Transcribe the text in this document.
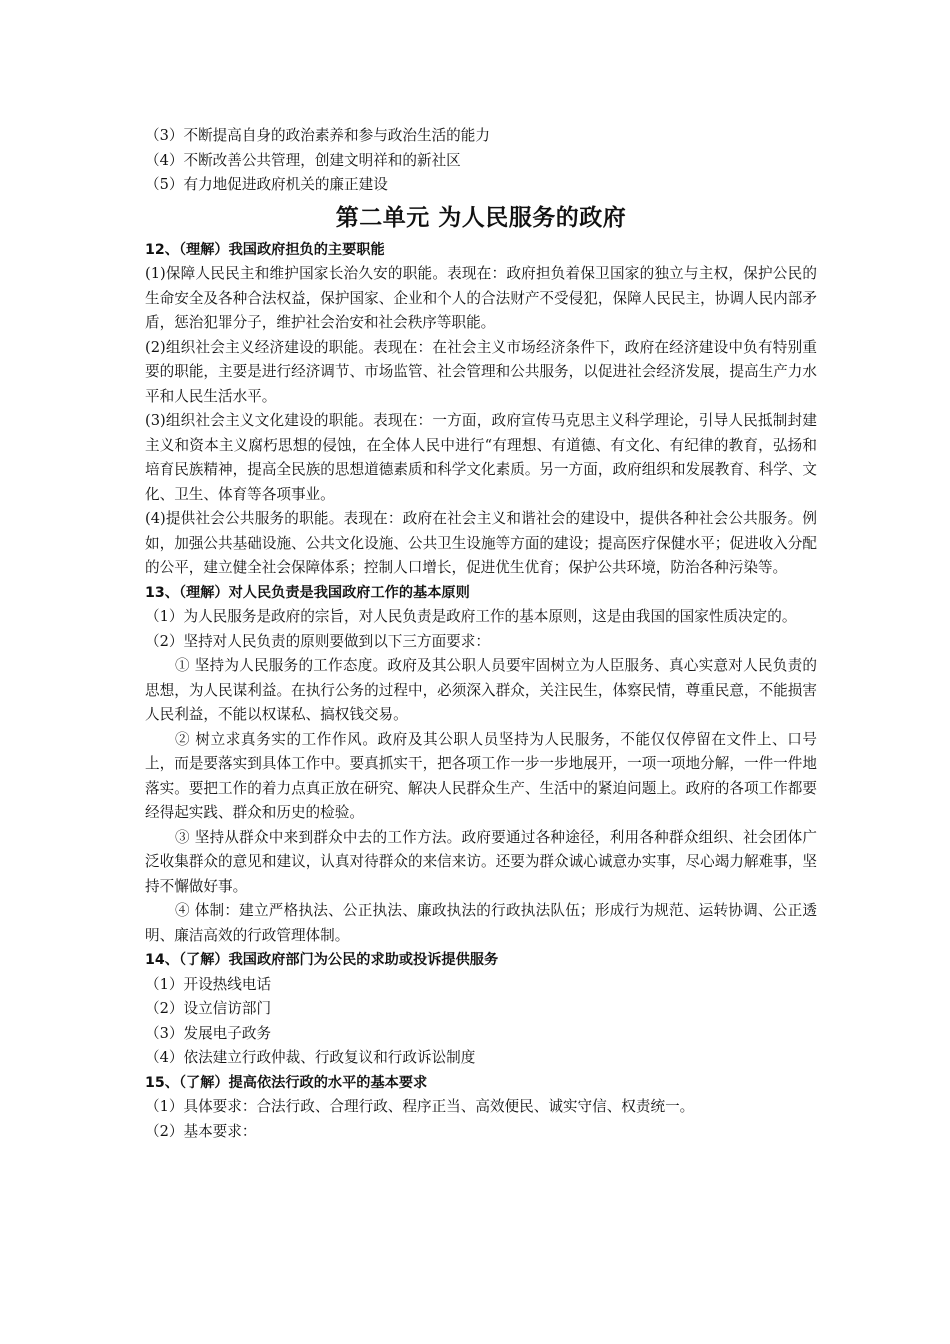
（3）不断提高自身的政治素养和参与政治生活的能力
（4）不断改善公共管理，创建文明祥和的新社区
（5）有力地促进政府机关的廉正建设
第二单元 为人民服务的政府
12、（理解）我国政府担负的主要职能
(1)保障人民民主和维护国家长治久安的职能。表现在：政府担负着保卫国家的独立与主权，保护公民的生命安全及各种合法权益，保护国家、企业和个人的合法财产不受侵犯，保障人民民主，协调人民内部矛盾，惩治犯罪分子，维护社会治安和社会秩序等职能。
(2)组织社会主义经济建设的职能。表现在：在社会主义市场经济条件下，政府在经济建设中负有特别重要的职能，主要是进行经济调节、市场监管、社会管理和公共服务，以促进社会经济发展，提高生产力水平和人民生活水平。
(3)组织社会主义文化建设的职能。表现在：一方面，政府宣传马克思主义科学理论，引导人民抵制封建主义和资本主义腐朽思想的侵蚀，在全体人民中进行“有理想、有道德、有文化、有纪律的教育，弘扬和培育民族精神，提高全民族的思想道德素质和科学文化素质。另一方面，政府组织和发展教育、科学、文化、卫生、体育等各项事业。
(4)提供社会公共服务的职能。表现在：政府在社会主义和谐社会的建设中，提供各种社会公共服务。例如，加强公共基础设施、公共文化设施、公共卫生设施等方面的建设；提高医疗保健水平；促进收入分配的公平，建立健全社会保障体系；控制人口增长，促进优生优育；保护公共环境，防治各种污染等。
13、（理解）对人民负责是我国政府工作的基本原则
（1）为人民服务是政府的宗旨，对人民负责是政府工作的基本原则，这是由我国的国家性质决定的。
（2）坚持对人民负责的原则要做到以下三方面要求：
① 坚持为人民服务的工作态度。政府及其公职人员要牢固树立为人臣服务、真心实意对人民负责的思想，为人民谋利益。在执行公务的过程中，必须深入群众，关注民生，体察民情，尊重民意，不能损害人民利益，不能以权谋私、搞权钱交易。
② 树立求真务实的工作作风。政府及其公职人员坚持为人民服务，不能仅仅停留在文件上、口号上，而是要落实到具体工作中。要真抓实干，把各项工作一步一步地展开，一项一项地分解，一件一件地落实。要把工作的着力点真正放在研究、解决人民群众生产、生活中的紧迫问题上。政府的各项工作都要经得起实践、群众和历史的检验。
③ 坚持从群众中来到群众中去的工作方法。政府要通过各种途径，利用各种群众组织、社会团体广泛收集群众的意见和建议，认真对待群众的来信来访。还要为群众诚心诚意办实事，尽心竭力解难事，坚持不懈做好事。
④ 体制：建立严格执法、公正执法、廉政执法的行政执法队伍；形成行为规范、运转协调、公正透明、廉洁高效的行政管理体制。
14、（了解）我国政府部门为公民的求助或投诉提供服务
（1）开设热线电话
（2）设立信访部门
（3）发展电子政务
（4）依法建立行政仲裁、行政复议和行政诉讼制度
15、（了解）提高依法行政的水平的基本要求
（1）具体要求：合法行政、合理行政、程序正当、高效便民、诚实守信、权责统一。
（2）基本要求：
